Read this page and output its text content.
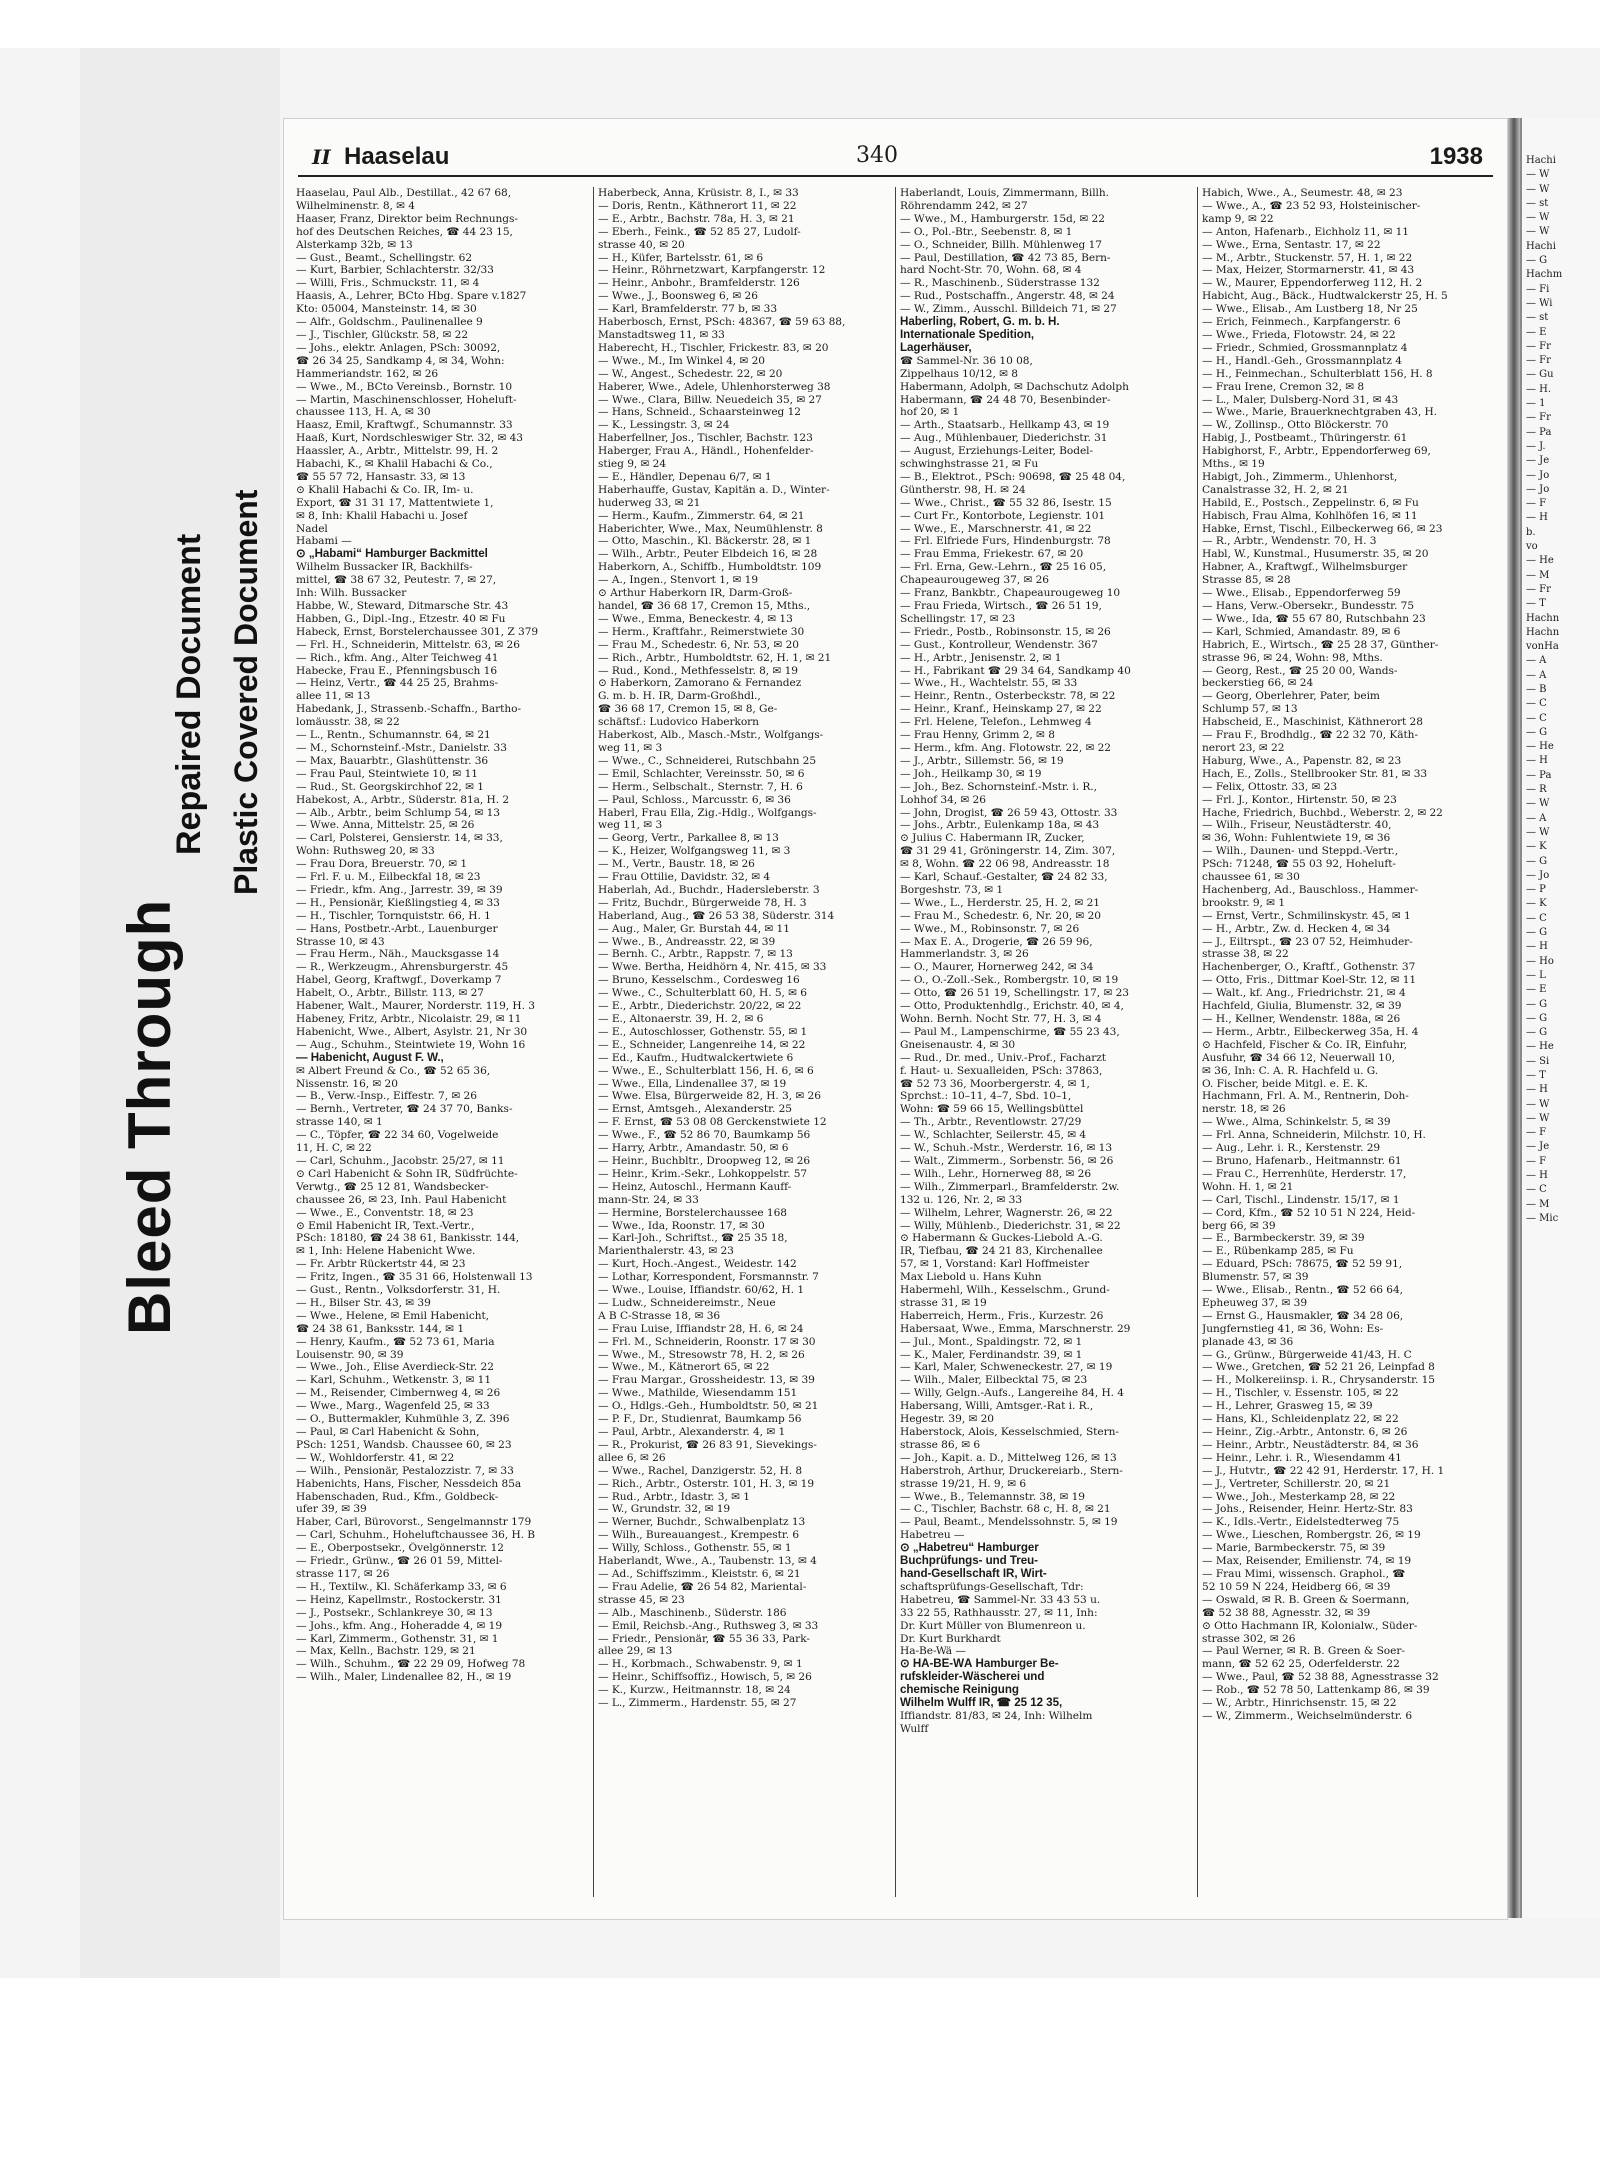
Bleed Through
Repaired Document Plastic Covered Document
II Haaselau	340	1938

Haaselau, Paul Alb., Destillat., 42 67 68,

Wilhelminenstr. 8, ✉ 4

Haaser, Franz, Direktor beim Rechnungs-

hof des Deutschen Reiches, ☎ 44 23 15,

Alsterkamp 32b, ✉ 13

— Gust., Beamt., Schellingstr. 62

— Kurt, Barbier, Schlachterstr. 32/33

— Willi, Fris., Schmuckstr. 11, ✉ 4

Haasis, A., Lehrer, BCto Hbg. Spare v.1827

Kto: 05004, Mansteinstr. 14, ✉ 30

— Alfr., Goldschm., Paulinenallee 9

— J., Tischler, Glückstr. 58, ✉ 22

— Johs., elektr. Anlagen, PSch: 30092,

☎ 26 34 25, Sandkamp 4, ✉ 34, Wohn:

Hammeriandstr. 162, ✉ 26

— Wwe., M., BCto Vereinsb., Bornstr. 10

— Martin, Maschinenschlosser, Hoheluft-

chaussee 113, H. A, ✉ 30

Haasz, Emil, Kraftwgf., Schumannstr. 33

Haaß, Kurt, Nordschleswiger Str. 32, ✉ 43

Haassler, A., Arbtr., Mittelstr. 99, H. 2

Habachi, K., ✉ Khalil Habachi & Co.,

☎ 55 57 72, Hansastr. 33, ✉ 13

⊙ Khalil Habachi & Co. IR, Im- u.

Export, ☎ 31 31 17, Mattentwiete 1,

✉ 8, Inh: Khalil Habachi u. Josef

Nadel

Habami —

⊙ „Habami“ Hamburger Backmittel

Wilhelm Bussacker IR, Backhilfs-

mittel, ☎ 38 67 32, Peutestr. 7, ✉ 27,

Inh: Wilh. Bussacker

Habbe, W., Steward, Ditmarsche Str. 43

Habben, G., Dipl.-Ing., Etzestr. 40 ✉ Fu

Habeck, Ernst, Borstelerchaussee 301, Z 379

— Frl. H., Schneiderin, Mittelstr. 63, ✉ 26

— Rich., kfm. Ang., Alter Teichweg 41

Habecke, Frau E., Pfenningsbusch 16

— Heinz, Vertr., ☎ 44 25 25, Brahms-

allee 11, ✉ 13

Habedank, J., Strassenb.-Schaffn., Bartho-

lomäusstr. 38, ✉ 22

— L., Rentn., Schumannstr. 64, ✉ 21

— M., Schornsteinf.-Mstr., Danielstr. 33

— Max, Bauarbtr., Glashüttenstr. 36

— Frau Paul, Steintwiete 10, ✉ 11

— Rud., St. Georgskirchhof 22, ✉ 1

Habekost, A., Arbtr., Süderstr. 81a, H. 2

— Alb., Arbtr., beim Schlump 54, ✉ 13

— Wwe. Anna, Mittelstr. 25, ✉ 26

— Carl, Polsterei, Gensierstr. 14, ✉ 33,

Wohn: Ruthsweg 20, ✉ 33

— Frau Dora, Breuerstr. 70, ✉ 1

— Frl. F. u. M., Eilbeckfal 18, ✉ 23

— Friedr., kfm. Ang., Jarrestr. 39, ✉ 39

— H., Pensionär, Kießlingstieg 4, ✉ 33

— H., Tischler, Tornquiststr. 66, H. 1

— Hans, Postbetr.-Arbt., Lauenburger

Strasse 10, ✉ 43

— Frau Herm., Näh., Maucksgasse 14

— R., Werkzeugm., Ahrensburgerstr. 45

Habel, Georg, Kraftwgf., Doverkamp 7

Habelt, O., Arbtr., Billstr. 113, ✉ 27

Habener, Walt., Maurer, Norderstr. 119, H. 3

Habeney, Fritz, Arbtr., Nicolaistr. 29, ✉ 11

Habenicht, Wwe., Albert, Asylstr. 21, Nr 30

— Aug., Schuhm., Steintwiete 19, Wohn 16

— Habenicht, August F. W.,

✉ Albert Freund & Co., ☎ 52 65 36,

Nissenstr. 16, ✉ 20

— B., Verw.-Insp., Eiffestr. 7, ✉ 26

— Bernh., Vertreter, ☎ 24 37 70, Banks-

strasse 140, ✉ 1

— C., Töpfer, ☎ 22 34 60, Vogelweide

11, H. C, ✉ 22

— Carl, Schuhm., Jacobstr. 25/27, ✉ 11

⊙ Carl Habenicht & Sohn IR, Südfrüchte-

Verwtg., ☎ 25 12 81, Wandsbecker-

chaussee 26, ✉ 23, Inh. Paul Habenicht

— Wwe., E., Conventstr. 18, ✉ 23

⊙ Emil Habenicht IR, Text.-Vertr.,

PSch: 18180, ☎ 24 38 61, Bankisstr. 144,

✉ 1, Inh: Helene Habenicht Wwe.

— Fr. Arbtr Rückertstr 44, ✉ 23

— Fritz, Ingen., ☎ 35 31 66, Holstenwall 13

— Gust., Rentn., Volksdorferstr. 31, H.

— H., Bilser Str. 43, ✉ 39

— Wwe., Helene, ✉ Emil Habenicht,

☎ 24 38 61, Banksstr. 144, ✉ 1

— Henry, Kaufm., ☎ 52 73 61, Maria

Louisenstr. 90, ✉ 39

— Wwe., Joh., Elise Averdieck-Str. 22

— Karl, Schuhm., Wetkenstr. 3, ✉ 11

— M., Reisender, Cimbernweg 4, ✉ 26

— Wwe., Marg., Wagenfeld 25, ✉ 33

— O., Buttermakler, Kuhmühle 3, Z. 396

— Paul, ✉ Carl Habenicht & Sohn,

PSch: 1251, Wandsb. Chaussee 60, ✉ 23

— W., Wohldorferstr. 41, ✉ 22

— Wilh., Pensionär, Pestalozzistr. 7, ✉ 33

Habenichts, Hans, Fischer, Nessdeich 85a

Habenschaden, Rud., Kfm., Goldbeck-

ufer 39, ✉ 39

Haber, Carl, Bürovorst., Sengelmannstr 179

— Carl, Schuhm., Hoheluftchaussee 36, H. B

— E., Oberpostsekr., Övelgönnerstr. 12

— Friedr., Grünw., ☎ 26 01 59, Mittel-

strasse 117, ✉ 26

— H., Textilw., Kl. Schäferkamp 33, ✉ 6

— Heinz, Kapellmstr., Rostockerstr. 31

— J., Postsekr., Schlankreye 30, ✉ 13

— Johs., kfm. Ang., Hoheradde 4, ✉ 19

— Karl, Zimmerm., Gothenstr. 31, ✉ 1

— Max, Kelln., Bachstr. 129, ✉ 21

— Wilh., Schuhm., ☎ 22 29 09, Hofweg 78

— Wilh., Maler, Lindenallee 82, H., ✉ 19

Haberbeck, Anna, Krüsistr. 8, I., ✉ 33

— Doris, Rentn., Käthnerort 11, ✉ 22

— E., Arbtr., Bachstr. 78a, H. 3, ✉ 21

— Eberh., Feink., ☎ 52 85 27, Ludolf-

strasse 40, ✉ 20

— H., Küfer, Bartelsstr. 61, ✉ 6

— Heinr., Röhrnetzwart, Karpfangerstr. 12

— Heinr., Anbohr., Bramfelderstr. 126

— Wwe., J., Boonsweg 6, ✉ 26

— Karl, Bramfelderstr. 77 b, ✉ 33

Haberbosch, Ernst, PSch: 48367, ☎ 59 63 88,

Manstadtsweg 11, ✉ 33

Haberecht, H., Tischler, Frickestr. 83, ✉ 20

— Wwe., M., Im Winkel 4, ✉ 20

— W., Angest., Schedestr. 22, ✉ 20

Haberer, Wwe., Adele, Uhlenhorsterweg 38

— Wwe., Clara, Billw. Neuedeich 35, ✉ 27

— Hans, Schneid., Schaarsteinweg 12

— K., Lessingstr. 3, ✉ 24

Haberfellner, Jos., Tischler, Bachstr. 123

Haberger, Frau A., Händl., Hohenfelder-

stieg 9, ✉ 24

— E., Händler, Depenau 6/7, ✉ 1

Haberhauffe, Gustav, Kapitän a. D., Winter-

huderweg 33, ✉ 21

— Herm., Kaufm., Zimmerstr. 64, ✉ 21

Haberichter, Wwe., Max, Neumühlenstr. 8

— Otto, Maschin., Kl. Bäckerstr. 28, ✉ 1

— Wilh., Arbtr., Peuter Elbdeich 16, ✉ 28

Haberkorn, A., Schiffb., Humboldtstr. 109

— A., Ingen., Stenvort 1, ✉ 19

⊙ Arthur Haberkorn IR, Darm-Groß-

handel, ☎ 36 68 17, Cremon 15, Mths.,

— Wwe., Emma, Beneckestr. 4, ✉ 13

— Herm., Kraftfahr., Reimerstwiete 30

— Frau M., Schedestr. 6, Nr. 53, ✉ 20

— Rich., Arbtr., Humboldtstr. 62, H. 1, ✉ 21

— Rud., Kond., Methfesselstr. 8, ✉ 19

⊙ Haberkorn, Zamorano & Fernandez

G. m. b. H. IR, Darm-Großhdl.,

☎ 36 68 17, Cremon 15, ✉ 8, Ge-

schäftsf.: Ludovico Haberkorn

Haberkost, Alb., Masch.-Mstr., Wolfgangs-

weg 11, ✉ 3

— Wwe., C., Schneiderei, Rutschbahn 25

— Emil, Schlachter, Vereinsstr. 50, ✉ 6

— Herm., Selbschalt., Sternstr. 7, H. 6

— Paul, Schloss., Marcusstr. 6, ✉ 36

Haberl, Frau Ella, Zig.-Hdlg., Wolfgangs-

weg 11, ✉ 3

— Georg, Vertr., Parkallee 8, ✉ 13

— K., Heizer, Wolfgangsweg 11, ✉ 3

— M., Vertr., Baustr. 18, ✉ 26

— Frau Ottilie, Davidstr. 32, ✉ 4

Haberlah, Ad., Buchdr., Hadersleberstr. 3

— Fritz, Buchdr., Bürgerweide 78, H. 3

Haberland, Aug., ☎ 26 53 38, Süderstr. 314

— Aug., Maler, Gr. Burstah 44, ✉ 11

— Wwe., B., Andreasstr. 22, ✉ 39

— Bernh. C., Arbtr., Rappstr. 7, ✉ 13

— Wwe. Bertha, Heidhörn 4, Nr. 415, ✉ 33

— Bruno, Kesselschm., Cordesweg 16

— Wwe., C., Schulterblatt 60, H. 5, ✉ 6

— E., Arbtr., Diederichstr. 20/22, ✉ 22

— E., Altonaerstr. 39, H. 2, ✉ 6

— E., Autoschlosser, Gothenstr. 55, ✉ 1

— E., Schneider, Langenreihe 14, ✉ 22

— Ed., Kaufm., Hudtwalckertwiete 6

— Wwe., E., Schulterblatt 156, H. 6, ✉ 6

— Wwe., Ella, Lindenallee 37, ✉ 19

— Wwe. Elsa, Bürgerweide 82, H. 3, ✉ 26

— Ernst, Amtsgeh., Alexanderstr. 25

— F. Ernst, ☎ 53 08 08 Gerckenstwiete 12

— Wwe., F., ☎ 52 86 70, Baumkamp 56

— Harry, Arbtr., Amandastr. 50, ✉ 6

— Heinr., Buchbltr., Droopweg 12, ✉ 26

— Heinr., Krim.-Sekr., Lohkoppelstr. 57

— Heinz, Autoschl., Hermann Kauff-

mann-Str. 24, ✉ 33

— Hermine, Borstelerchaussee 168

— Wwe., Ida, Roonstr. 17, ✉ 30

— Karl-Joh., Schriftst., ☎ 25 35 18,

Marienthalerstr. 43, ✉ 23

— Kurt, Hoch.-Angest., Weidestr. 142

— Lothar, Korrespondent, Forsmannstr. 7

— Wwe., Louise, Iffiandstr. 60/62, H. 1

— Ludw., Schneidereimstr., Neue

A B C-Strasse 18, ✉ 36

— Frau Luise, Iffiandstr 28, H. 6, ✉ 24

— Frl. M., Schneiderin, Roonstr. 17 ✉ 30

— Wwe., M., Stresowstr 78, H. 2, ✉ 26

— Wwe., M., Kätnerort 65, ✉ 22

— Frau Margar., Grossheidestr. 13, ✉ 39

— Wwe., Mathilde, Wiesendamm 151

— O., Hdlgs.-Geh., Humboldtstr. 50, ✉ 21

— P. F., Dr., Studienrat, Baumkamp 56

— Paul, Arbtr., Alexanderstr. 4, ✉ 1

— R., Prokurist, ☎ 26 83 91, Sievekings-

allee 6, ✉ 26

— Wwe., Rachel, Danzigerstr. 52, H. 8

— Rich., Arbtr., Osterstr. 101, H. 3, ✉ 19

— Rud., Arbtr., Idastr. 3, ✉ 1

— W., Grundstr. 32, ✉ 19

— Werner, Buchdr., Schwalbenplatz 13

— Wilh., Bureauangest., Krempestr. 6

— Willy, Schloss., Gothenstr. 55, ✉ 1

Haberlandt, Wwe., A., Taubenstr. 13, ✉ 4

— Ad., Schiffszimm., Kleiststr. 6, ✉ 21

— Frau Adelie, ☎ 26 54 82, Mariental-

strasse 45, ✉ 23

— Alb., Maschinenb., Süderstr. 186

— Emil, Reichsb.-Ang., Ruthsweg 3, ✉ 33

— Friedr., Pensionär, ☎ 55 36 33, Park-

allee 29, ✉ 13

— H., Korbmach., Schwabenstr. 9, ✉ 1

— Heinr., Schiffsoffiz., Howisch, 5, ✉ 26

— K., Kurzw., Heitmannstr. 18, ✉ 24

— L., Zimmerm., Hardenstr. 55, ✉ 27

Haberlandt, Louis, Zimmermann, Billh.

Röhrendamm 242, ✉ 27

— Wwe., M., Hamburgerstr. 15d, ✉ 22

— O., Pol.-Btr., Seebenstr. 8, ✉ 1

— O., Schneider, Billh. Mühlenweg 17

— Paul, Destillation, ☎ 42 73 85, Bern-

hard Nocht-Str. 70, Wohn. 68, ✉ 4

— R., Maschinenb., Süderstrasse 132

— Rud., Postschaffn., Angerstr. 48, ✉ 24

— W., Zimm., Ausschl. Billdeich 71, ✉ 27

Haberling, Robert, G. m. b. H.

Internationale Spedition,

Lagerhäuser,

☎ Sammel-Nr. 36 10 08,

Zippelhaus 10/12, ✉ 8

Habermann, Adolph, ✉ Dachschutz Adolph

Habermann, ☎ 24 48 70, Besenbinder-

hof 20, ✉ 1

— Arth., Staatsarb., Hellkamp 43, ✉ 19

— Aug., Mühlenbauer, Diederichstr. 31

— August, Erziehungs-Leiter, Bodel-

schwinghstrasse 21, ✉ Fu

— B., Elektrot., PSch: 90698, ☎ 25 48 04,

Güntherstr. 98, H. ✉ 24

— Wwe., Christ., ☎ 55 32 86, Isestr. 15

— Curt Fr., Kontorbote, Legienstr. 101

— Wwe., E., Marschnerstr. 41, ✉ 22

— Frl. Elfriede Furs, Hindenburgstr. 78

— Frau Emma, Friekestr. 67, ✉ 20

— Frl. Erna, Gew.-Lehrn., ☎ 25 16 05,

Chapeaurougeweg 37, ✉ 26

— Franz, Bankbtr., Chapeaurougeweg 10

— Frau Frieda, Wirtsch., ☎ 26 51 19,

Schellingstr. 17, ✉ 23

— Friedr., Postb., Robinsonstr. 15, ✉ 26

— Gust., Kontrolleur, Wendenstr. 367

— H., Arbtr., Jenisenstr. 2, ✉ 1

— H., Fabrikant ☎ 29 34 64, Sandkamp 40

— Wwe., H., Wachtelstr. 55, ✉ 33

— Heinr., Rentn., Osterbeckstr. 78, ✉ 22

— Heinr., Kranf., Heinskamp 27, ✉ 22

— Frl. Helene, Telefon., Lehmweg 4

— Frau Henny, Grimm 2, ✉ 8

— Herm., kfm. Ang. Flotowstr. 22, ✉ 22

— J., Arbtr., Sillemstr. 56, ✉ 19

— Joh., Heilkamp 30, ✉ 19

— Joh., Bez. Schornsteinf.-Mstr. i. R.,

Lohhof 34, ✉ 26

— John, Drogist, ☎ 26 59 43, Ottostr. 33

— Johs., Arbtr., Eulenkamp 18a, ✉ 43

⊙ Julius C. Habermann IR, Zucker,

☎ 31 29 41, Gröningerstr. 14, Zim. 307,

✉ 8, Wohn. ☎ 22 06 98, Andreasstr. 18

— Karl, Schauf.-Gestalter, ☎ 24 82 33,

Borgeshstr. 73, ✉ 1

— Wwe., L., Herderstr. 25, H. 2, ✉ 21

— Frau M., Schedestr. 6, Nr. 20, ✉ 20

— Wwe., M., Robinsonstr. 7, ✉ 26

— Max E. A., Drogerie, ☎ 26 59 96,

Hammerlandstr. 3, ✉ 26

— O., Maurer, Hornerweg 242, ✉ 34

— O., O.-Zoll.-Sek., Rombergstr. 10, ✉ 19

— Otto, ☎ 26 51 19, Schellingstr. 17, ✉ 23

— Otto, Produktenhdlg., Erichstr. 40, ✉ 4,

Wohn. Bernh. Nocht Str. 77, H. 3, ✉ 4

— Paul M., Lampenschirme, ☎ 55 23 43,

Gneisenaustr. 4, ✉ 30

— Rud., Dr. med., Univ.-Prof., Facharzt

f. Haut- u. Sexualleiden, PSch: 37863,

☎ 52 73 36, Moorbergerstr. 4, ✉ 1,

Sprchst.: 10–11, 4–7, Sbd. 10–1,

Wohn: ☎ 59 66 15, Wellingsbüttel

— Th., Arbtr., Reventlowstr. 27/29

— W., Schlachter, Seilerstr. 45, ✉ 4

— W., Schuh.-Mstr., Werderstr. 16, ✉ 13

— Walt., Zimmerm., Sorbenstr. 56, ✉ 26

— Wilh., Lehr., Hornerweg 88, ✉ 26

— Wilh., Zimmerparl., Bramfelderstr. 2w.

132 u. 126, Nr. 2, ✉ 33

— Wilhelm, Lehrer, Wagnerstr. 26, ✉ 22

— Willy, Mühlenb., Diederichstr. 31, ✉ 22

⊙ Habermann & Guckes-Liebold A.-G.

IR, Tiefbau, ☎ 24 21 83, Kirchenallee

57, ✉ 1, Vorstand: Karl Hoffmeister

Max Liebold u. Hans Kuhn

Habermehl, Wilh., Kesselschm., Grund-

strasse 31, ✉ 19

Haberreich, Herm., Fris., Kurzestr. 26

Habersaat, Wwe., Emma, Marschnerstr. 29

— Jul., Mont., Spaldingstr. 72, ✉ 1

— K., Maler, Ferdinandstr. 39, ✉ 1

— Karl, Maler, Schweneckestr. 27, ✉ 19

— Wilh., Maler, Eilbecktal 75, ✉ 23

— Willy, Gelgn.-Aufs., Langereihe 84, H. 4

Habersang, Willi, Amtsger.-Rat i. R.,

Hegestr. 39, ✉ 20

Haberstock, Alois, Kesselschmied, Stern-

strasse 86, ✉ 6

— Joh., Kapit. a. D., Mittelweg 126, ✉ 13

Haberstroh, Arthur, Druckereiarb., Stern-

strasse 19/21, H. 9, ✉ 6

— Wwe., B., Telemannstr. 38, ✉ 19

— C., Tischler, Bachstr. 68 c, H. 8, ✉ 21

— Paul, Beamt., Mendelssohnstr. 5, ✉ 19

Habetreu —

⊙ „Habetreu“ Hamburger

Buchprüfungs- und Treu-

hand-Gesellschaft IR, Wirt-

schaftsprüfungs-Gesellschaft, Tdr:

Habetreu, ☎ Sammel-Nr. 33 43 53 u.

33 22 55, Rathhausstr. 27, ✉ 11, Inh:

Dr. Kurt Müller von Blumenreon u.

Dr. Kurt Burkhardt

Ha-Be-Wä —

⊙ HA-BE-WÄ Hamburger Be-

rufskleider-Wäscherei und

chemische Reinigung

Wilhelm Wulff IR, ☎ 25 12 35,

Iffiandstr. 81/83, ✉ 24, Inh: Wilhelm

Wulff

Habich, Wwe., A., Seumestr. 48, ✉ 23

— Wwe., A., ☎ 23 52 93, Holsteinischer-

kamp 9, ✉ 22

— Anton, Hafenarb., Eichholz 11, ✉ 11

— Wwe., Erna, Sentastr. 17, ✉ 22

— M., Arbtr., Stuckenstr. 57, H. 1, ✉ 22

— Max, Heizer, Stormarnerstr. 41, ✉ 43

— W., Maurer, Eppendorferweg 112, H. 2

Habicht, Aug., Bäck., Hudtwalckerstr 25, H. 5

— Wwe., Elisab., Am Lustberg 18, Nr 25

— Erich, Feinmech., Karpfangerstr. 6

— Wwe., Frieda, Flotowstr. 24, ✉ 22

— Friedr., Schmied, Grossmannplatz 4

— H., Handl.-Geh., Grossmannplatz 4

— H., Feinmechan., Schulterblatt 156, H. 8

— Frau Irene, Cremon 32, ✉ 8

— L., Maler, Dulsberg-Nord 31, ✉ 43

— Wwe., Marie, Brauerknechtgraben 43, H.

— W., Zollinsp., Otto Blöckerstr. 70

Habig, J., Postbeamt., Thüringerstr. 61

Habighorst, F., Arbtr., Eppendorferweg 69,

Mths., ✉ 19

Habigt, Joh., Zimmerm., Uhlenhorst,

Canalstrasse 32, H. 2, ✉ 21

Habild, E., Postsch., Zeppelinstr. 6, ✉ Fu

Habisch, Frau Alma, Kohlhöfen 16, ✉ 11

Habke, Ernst, Tischl., Eilbeckerweg 66, ✉ 23

— R., Arbtr., Wendenstr. 70, H. 3

Habl, W., Kunstmal., Husumerstr. 35, ✉ 20

Habner, A., Kraftwgf., Wilhelmsburger

Strasse 85, ✉ 28

— Wwe., Elisab., Eppendorferweg 59

— Hans, Verw.-Obersekr., Bundesstr. 75

— Wwe., Ida, ☎ 55 67 80, Rutschbahn 23

— Karl, Schmied, Amandastr. 89, ✉ 6

Habrich, E., Wirtsch., ☎ 25 28 37, Günther-

strasse 96, ✉ 24, Wohn: 98, Mths.

— Georg, Rest., ☎ 25 20 00, Wands-

beckerstieg 66, ✉ 24

— Georg, Oberlehrer, Pater, beim

Schlump 57, ✉ 13

Habscheid, E., Maschinist, Käthnerort 28

— Frau F., Brodhdlg., ☎ 22 32 70, Käth-

nerort 23, ✉ 22

Haburg, Wwe., A., Papenstr. 82, ✉ 23

Hach, E., Zolls., Stellbrooker Str. 81, ✉ 33

— Felix, Ottostr. 33, ✉ 23

— Frl. J., Kontor., Hirtenstr. 50, ✉ 23

Hache, Friedrich, Buchbd., Weberstr. 2, ✉ 22

— Wilh., Friseur, Neustädterstr. 40,

✉ 36, Wohn: Fuhlentwiete 19, ✉ 36

— Wilh., Daunen- und Steppd.-Vertr.,

PSch: 71248, ☎ 55 03 92, Hoheluft-

chaussee 61, ✉ 30

Hachenberg, Ad., Bauschloss., Hammer-

brookstr. 9, ✉ 1

— Ernst, Vertr., Schmilinskystr. 45, ✉ 1

— H., Arbtr., Zw. d. Hecken 4, ✉ 34

— J., Eiltrspt., ☎ 23 07 52, Heimhuder-

strasse 38, ✉ 22

Hachenberger, O., Kraftf., Gothenstr. 37

— Otto, Fris., Dittmar Koel-Str. 12, ✉ 11

— Walt., kf. Ang., Friedrichstr. 21, ✉ 4

Hachfeld, Giulia, Blumenstr. 32, ✉ 39

— H., Kellner, Wendenstr. 188a, ✉ 26

— Herm., Arbtr., Eilbeckerweg 35a, H. 4

⊙ Hachfeld, Fischer & Co. IR, Einfuhr,

Ausfuhr, ☎ 34 66 12, Neuerwall 10,

✉ 36, Inh: C. A. R. Hachfeld u. G.

O. Fischer, beide Mitgl. e. E. K.

Hachmann, Frl. A. M., Rentnerin, Doh-

nerstr. 18, ✉ 26

— Wwe., Alma, Schinkelstr. 5, ✉ 39

— Frl. Anna, Schneiderin, Milchstr. 10, H.

— Aug., Lehr. i. R., Kerstenstr. 29

— Bruno, Hafenarb., Heitmannstr. 61

— Frau C., Herrenhüte, Herderstr. 17,

Wohn. H. 1, ✉ 21

— Carl, Tischl., Lindenstr. 15/17, ✉ 1

— Cord, Kfm., ☎ 52 10 51 N 224, Heid-

berg 66, ✉ 39

— E., Barmbeckerstr. 39, ✉ 39

— E., Rübenkamp 285, ✉ Fu

— Eduard, PSch: 78675, ☎ 52 59 91,

Blumenstr. 57, ✉ 39

— Wwe., Elisab., Rentn., ☎ 52 66 64,

Epheuweg 37, ✉ 39

— Ernst G., Hausmakler, ☎ 34 28 06,

Jungfernstieg 41, ✉ 36, Wohn: Es-

planade 43, ✉ 36

— G., Grünw., Bürgerweide 41/43, H. C

— Wwe., Gretchen, ☎ 52 21 26, Leinpfad 8

— H., Molkereiinsp. i. R., Chrysanderstr. 15

— H., Tischler, v. Essenstr. 105, ✉ 22

— H., Lehrer, Grasweg 15, ✉ 39

— Hans, Kl., Schleidenplatz 22, ✉ 22

— Heinr., Zig.-Arbtr., Antonstr. 6, ✉ 26

— Heinr., Arbtr., Neustädterstr. 84, ✉ 36

— Heinr., Lehr. i. R., Wiesendamm 41

— J., Hutvtr., ☎ 22 42 91, Herderstr. 17, H. 1

— J., Vertreter, Schillerstr. 20, ✉ 21

— Wwe., Joh., Mesterkamp 28, ✉ 22

— Johs., Reisender, Heinr. Hertz-Str. 83

— K., Idls.-Vertr., Eidelstedterweg 75

— Wwe., Lieschen, Rombergstr. 26, ✉ 19

— Marie, Barmbeckerstr. 75, ✉ 39

— Max, Reisender, Emilienstr. 74, ✉ 19

— Frau Mimi, wissensch. Graphol., ☎

52 10 59 N 224, Heidberg 66, ✉ 39

— Oswald, ✉ R. B. Green & Soermann,

☎ 52 38 88, Agnesstr. 32, ✉ 39

⊙ Otto Hachmann IR, Kolonialw., Süder-

strasse 302, ✉ 26

— Paul Werner, ✉ R. B. Green & Soer-

mann, ☎ 52 62 25, Oderfelderstr. 22

— Wwe., Paul, ☎ 52 38 88, Agnesstrasse 32

— Rob., ☎ 52 78 50, Lattenkamp 86, ✉ 39

— W., Arbtr., Hinrichsenstr. 15, ✉ 22

— W., Zimmerm., Weichselmünderstr. 6

Hachi
— W
— W
— st
— W
— W
Hachi
— G
Hachm
— Fi
— Wi
— st
— E
— Fr
— Fr
— Gu
— H.
— 1
— Fr
— Pa
— J.
— Je
— Jo
— Jo
— F
— H
b.
vo
— He
— M
— Fr
— T
Hachn
Hachn
vonHa
— A
— A
— B
— C
— C
— G
— He
— H
— Pa
— R
— W
— A
— W
— K
— G
— Jo
— P
— K
— C
— G
— H
— Ho
— L
— E
— G
— G
— G
— He
— Si
— T
— H
— W
— W
— F
— Je
— F
— H
— C
— M
— Mic
